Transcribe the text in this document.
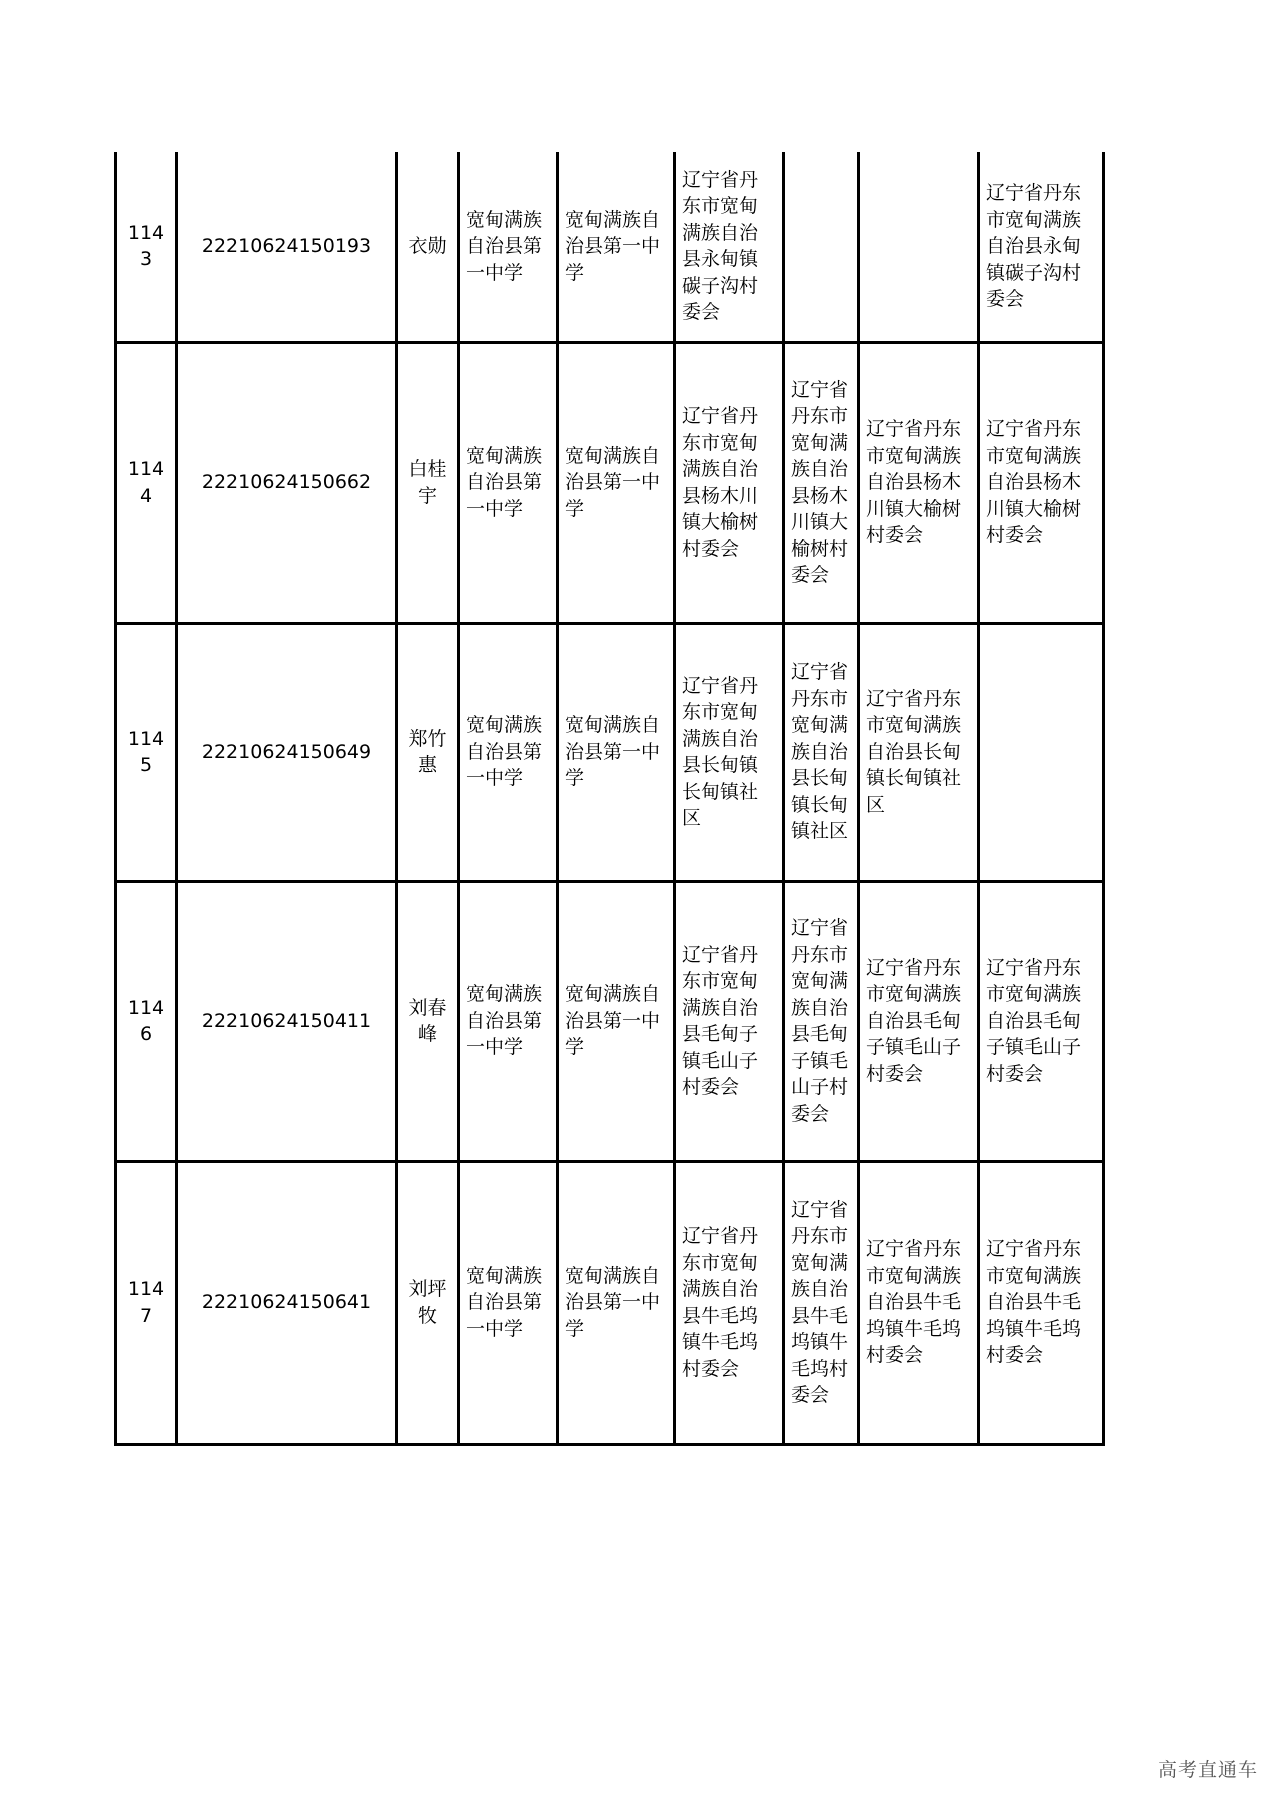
1143	22210624150193	衣勋	宽甸满族自治县第一中学	宽甸满族自治县第一中学	辽宁省丹东市宽甸满族自治县永甸镇碳子沟村委会			辽宁省丹东市宽甸满族自治县永甸镇碳子沟村委会
1144	22210624150662	白桂宇	宽甸满族自治县第一中学	宽甸满族自治县第一中学	辽宁省丹东市宽甸满族自治县杨木川镇大榆树村委会	辽宁省丹东市宽甸满族自治县杨木川镇大榆树村委会	辽宁省丹东市宽甸满族自治县杨木川镇大榆树村委会	辽宁省丹东市宽甸满族自治县杨木川镇大榆树村委会
1145	22210624150649	郑竹惠	宽甸满族自治县第一中学	宽甸满族自治县第一中学	辽宁省丹东市宽甸满族自治县长甸镇长甸镇社区	辽宁省丹东市宽甸满族自治县长甸镇长甸镇社区	辽宁省丹东市宽甸满族自治县长甸镇长甸镇社区	
1146	22210624150411	刘春峰	宽甸满族自治县第一中学	宽甸满族自治县第一中学	辽宁省丹东市宽甸满族自治县毛甸子镇毛山子村委会	辽宁省丹东市宽甸满族自治县毛甸子镇毛山子村委会	辽宁省丹东市宽甸满族自治县毛甸子镇毛山子村委会	辽宁省丹东市宽甸满族自治县毛甸子镇毛山子村委会
1147	22210624150641	刘坪牧	宽甸满族自治县第一中学	宽甸满族自治县第一中学	辽宁省丹东市宽甸满族自治县牛毛坞镇牛毛坞村委会	辽宁省丹东市宽甸满族自治县牛毛坞镇牛毛坞村委会	辽宁省丹东市宽甸满族自治县牛毛坞镇牛毛坞村委会	辽宁省丹东市宽甸满族自治县牛毛坞镇牛毛坞村委会
高考直通车
